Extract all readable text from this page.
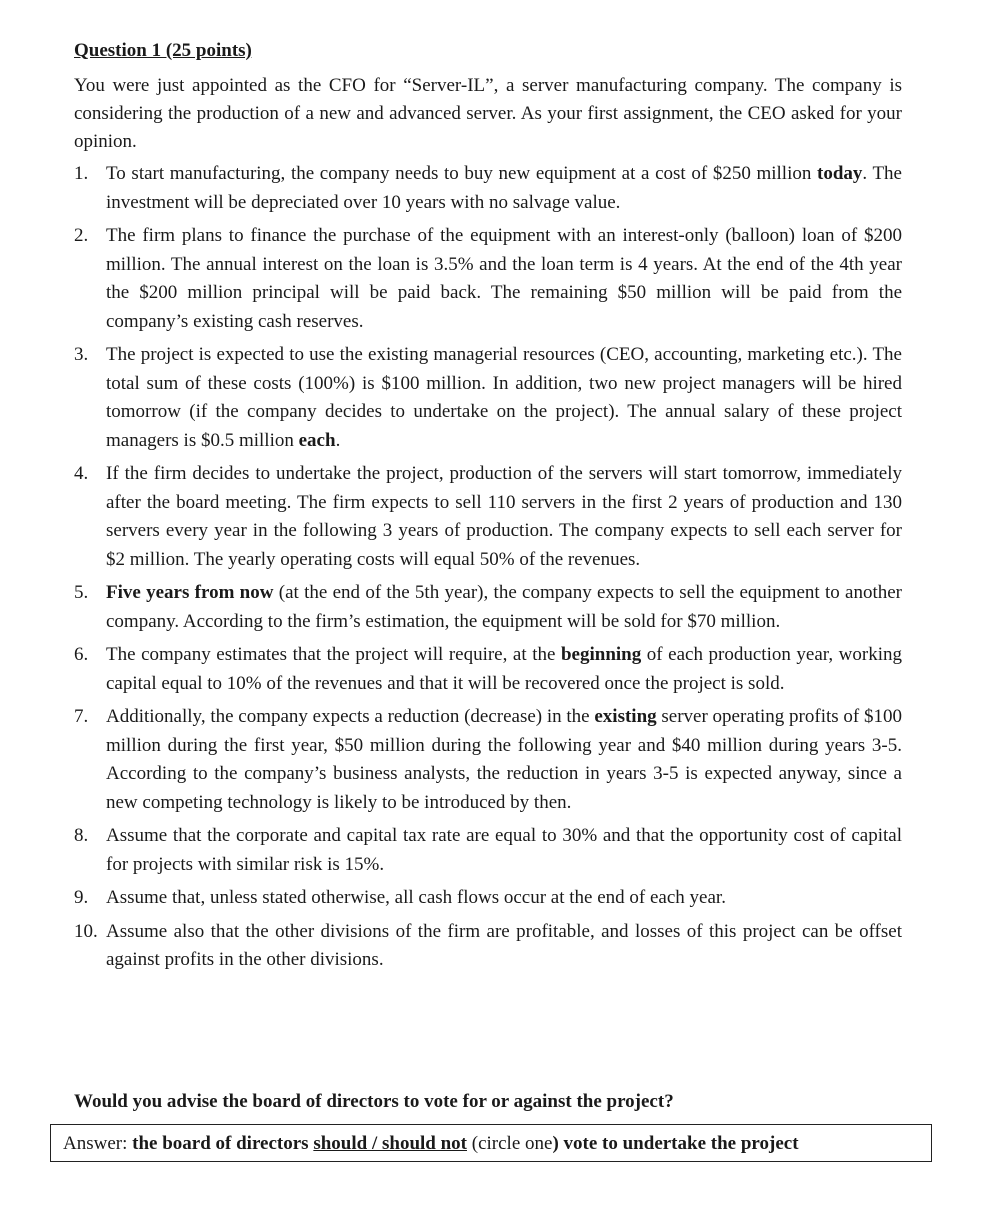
Question 1 (25 points)

You were just appointed as the CFO for “Server-IL”, a server manufacturing company. The company is considering the production of a new and advanced server. As your first assignment, the CEO asked for your opinion.

1. To start manufacturing, the company needs to buy new equipment at a cost of $250 million today. The investment will be depreciated over 10 years with no salvage value.
2. The firm plans to finance the purchase of the equipment with an interest-only (balloon) loan of $200 million. The annual interest on the loan is 3.5% and the loan term is 4 years. At the end of the 4th year the $200 million principal will be paid back. The remaining $50 million will be paid from the company’s existing cash reserves.
3. The project is expected to use the existing managerial resources (CEO, accounting, marketing etc.). The total sum of these costs (100%) is $100 million. In addition, two new project managers will be hired tomorrow (if the company decides to undertake on the project). The annual salary of these project managers is $0.5 million each.
4. If the firm decides to undertake the project, production of the servers will start tomorrow, immediately after the board meeting. The firm expects to sell 110 servers in the first 2 years of production and 130 servers every year in the following 3 years of production. The company expects to sell each server for $2 million. The yearly operating costs will equal 50% of the revenues.
5. Five years from now (at the end of the 5th year), the company expects to sell the equipment to another company. According to the firm’s estimation, the equipment will be sold for $70 million.
6. The company estimates that the project will require, at the beginning of each production year, working capital equal to 10% of the revenues and that it will be recovered once the project is sold.
7. Additionally, the company expects a reduction (decrease) in the existing server operating profits of $100 million during the first year, $50 million during the following year and $40 million during years 3-5. According to the company’s business analysts, the reduction in years 3-5 is expected anyway, since a new competing technology is likely to be introduced by then.
8. Assume that the corporate and capital tax rate are equal to 30% and that the opportunity cost of capital for projects with similar risk is 15%.
9. Assume that, unless stated otherwise, all cash flows occur at the end of each year.
10. Assume also that the other divisions of the firm are profitable, and losses of this project can be offset against profits in the other divisions.
Would you advise the board of directors to vote for or against the project?
Answer: the board of directors should / should not (circle one) vote to undertake the project
